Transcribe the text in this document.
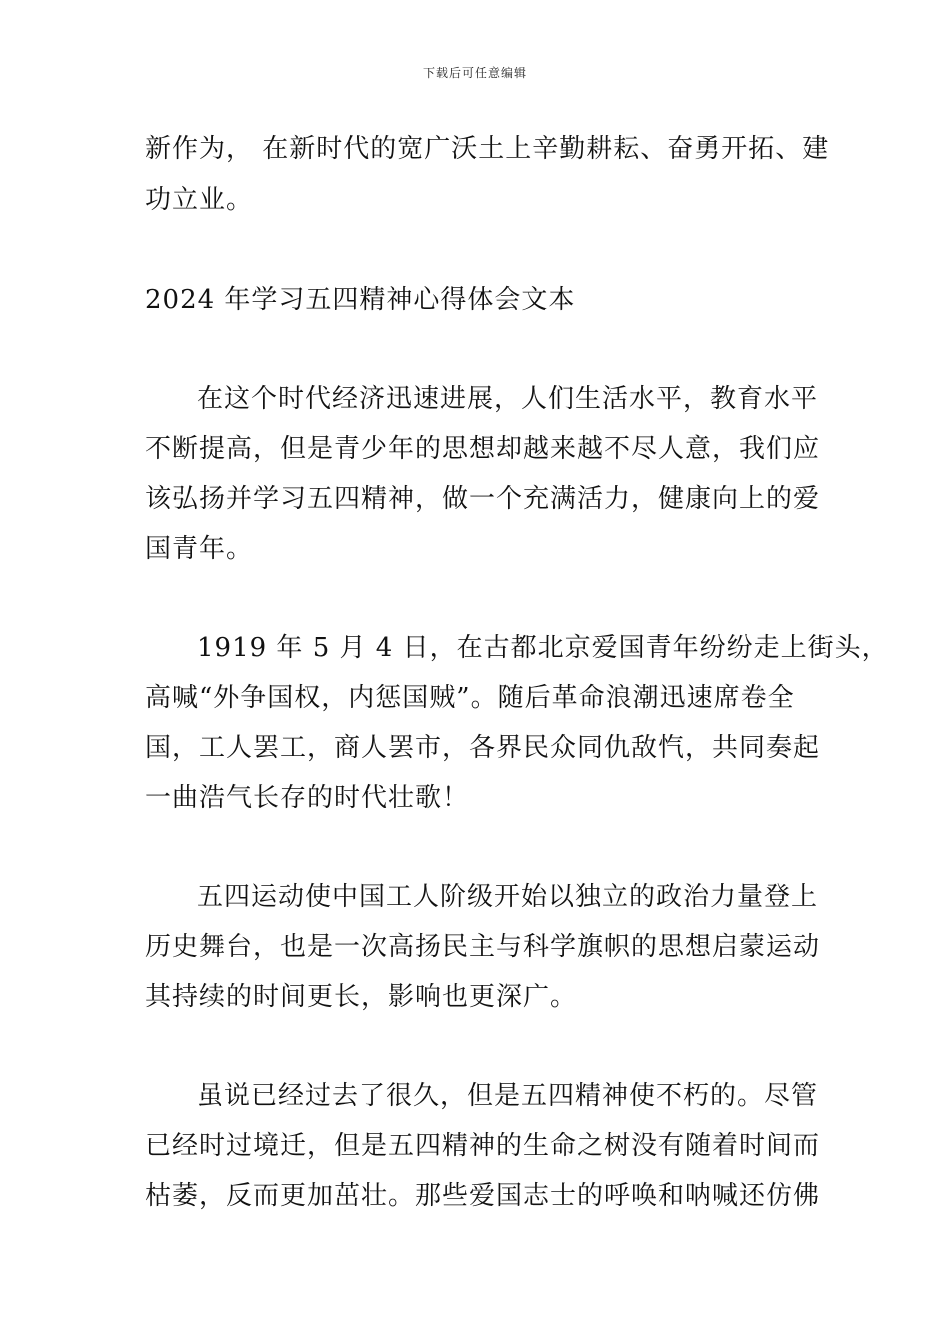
下载后可任意编辑
新作为， 在新时代的宽广沃土上辛勤耕耘、奋勇开拓、建
功立业。
2024 年学习五四精神心得体会文本
在这个时代经济迅速进展，人们生活水平，教育水平
不断提高，但是青少年的思想却越来越不尽人意，我们应
该弘扬并学习五四精神，做一个充满活力，健康向上的爱
国青年。
1919 年 5 月 4 日，在古都北京爱国青年纷纷走上街头，
高喊“外争国权，内惩国贼”。随后革命浪潮迅速席卷全
国，工人罢工，商人罢市，各界民众同仇敌忾，共同奏起
一曲浩气长存的时代壮歌！
五四运动使中国工人阶级开始以独立的政治力量登上
历史舞台，也是一次高扬民主与科学旗帜的思想启蒙运动
其持续的时间更长，影响也更深广。
虽说已经过去了很久，但是五四精神使不朽的。尽管
已经时过境迁，但是五四精神的生命之树没有随着时间而
枯萎，反而更加茁壮。那些爱国志士的呼唤和呐喊还仿佛
